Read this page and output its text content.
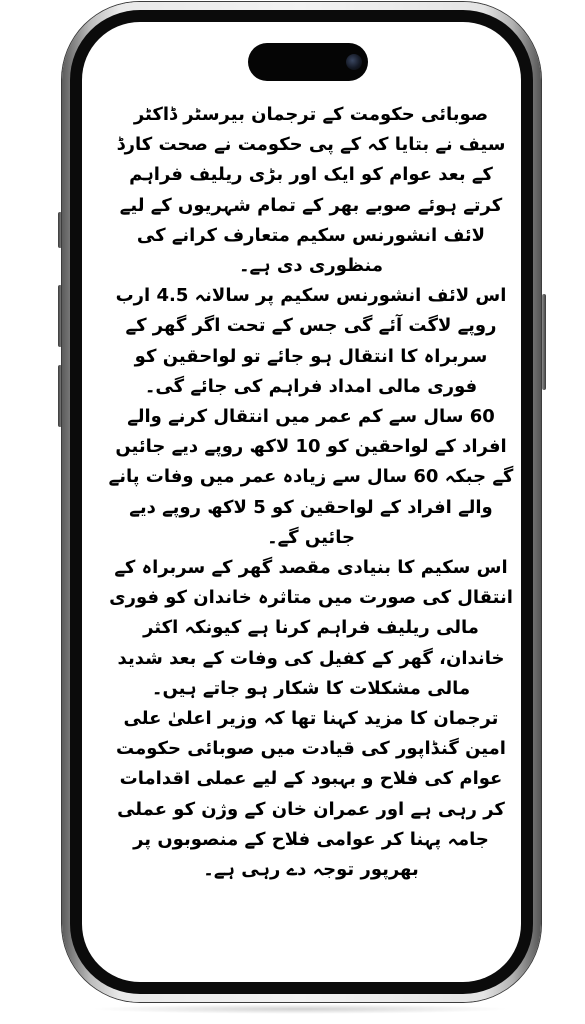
صوبائی حکومت کے ترجمان بیرسٹر ڈاکٹر سیف نے بتایا کہ کے پی حکومت نے صحت کارڈ کے بعد عوام کو ایک اور بڑی ریلیف فراہم کرتے ہوئے صوبے بھر کے تمام شہریوں کے لیے لائف انشورنس سکیم متعارف کرانے کی منظوری دی ہے۔

اس لائف انشورنس سکیم پر سالانہ 4.5 ارب روپے لاگت آئے گی جس کے تحت اگر گھر کے سربراہ کا انتقال ہو جائے تو لواحقین کو فوری مالی امداد فراہم کی جائے گی۔

60 سال سے کم عمر میں انتقال کرنے والے افراد کے لواحقین کو 10 لاکھ روپے دیے جائیں گے جبکہ 60 سال سے زیادہ عمر میں وفات پانے والے افراد کے لواحقین کو 5 لاکھ روپے دیے جائیں گے۔

اس سکیم کا بنیادی مقصد گھر کے سربراہ کے انتقال کی صورت میں متاثرہ خاندان کو فوری مالی ریلیف فراہم کرنا ہے کیونکہ اکثر خاندان، گھر کے کفیل کی وفات کے بعد شدید مالی مشکلات کا شکار ہو جاتے ہیں۔

ترجمان کا مزید کہنا تھا کہ وزیر اعلیٰ علی امین گنڈاپور کی قیادت میں صوبائی حکومت عوام کی فلاح و بہبود کے لیے عملی اقدامات کر رہی ہے اور عمران خان کے وژن کو عملی جامہ پہنا کر عوامی فلاح کے منصوبوں پر بھرپور توجہ دے رہی ہے۔
